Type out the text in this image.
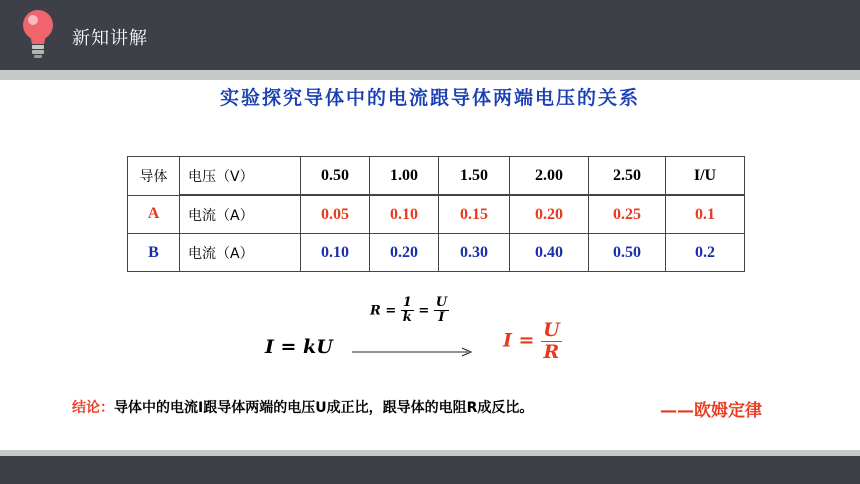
新知讲解
实验探究导体中的电流跟导体两端电压的关系
导体	电压（V）	0.50	1.00	1.50	2.00	2.50	I/U
A	电流（A）	0.05	0.10	0.15	0.20	0.25	0.1
B	电流（A）	0.10	0.20	0.30	0.40	0.50	0.2
$R = \frac{1}{k} = \frac{U}{I}$
I = kU	$I = \frac{U}{R}$
结论：导体中的电流I跟导体两端的电压U成正比，跟导体的电阻R成反比。	——欧姆定律
